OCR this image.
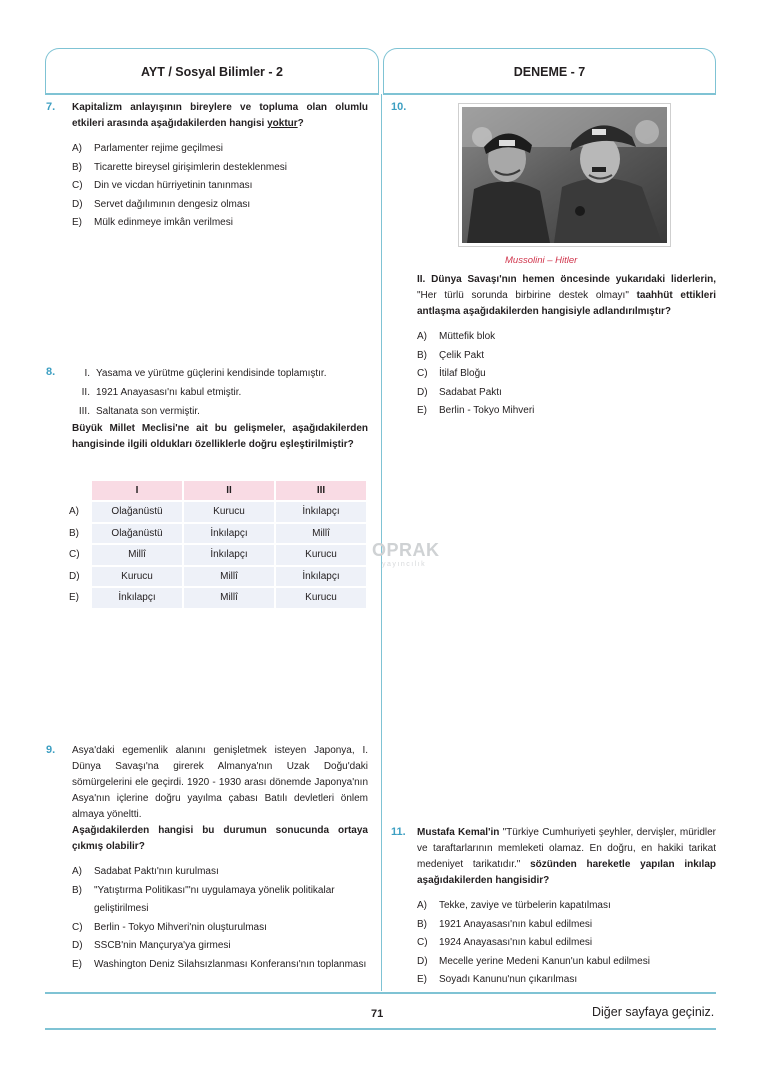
AYT / Sosyal Bilimler - 2	DENEME - 7
7. Kapitalizm anlayışının bireylere ve topluma olan olumlu etkileri arasında aşağıdakilerden hangisi yoktur?
A)	Parlamenter rejime geçilmesi
B)	Ticarette bireysel girişimlerin desteklenmesi
C)	Din ve vicdan hürriyetinin tanınması
D)	Servet dağılımının dengesiz olması
E)	Mülk edinmeye imkân verilmesi
8.	I. Yasama ve yürütme güçlerini kendisinde toplamıştır.
II. 1921 Anayasası'nı kabul etmiştir.
III. Saltanata son vermiştir.
Büyük Millet Meclisi'ne ait bu gelişmeler, aşağıdakilerden hangisinde ilgili oldukları özelliklerle doğru eşleştirilmiştir?
	I	II	III
A)	Olağanüstü	Kurucu	İnkılapçı
B)	Olağanüstü	İnkılapçı	Millî
C)	Millî	İnkılapçı	Kurucu
D)	Kurucu	Millî	İnkılapçı
E)	İnkılapçı	Millî	Kurucu
OPRAK
yayıncılık
9. Asya'daki egemenlik alanını genişletmek isteyen Japonya, I. Dünya Savaşı'na girerek Almanya'nın Uzak Doğu'daki sömürgelerini ele geçirdi. 1920 - 1930 arası dönemde Japonya'nın Asya'nın içlerine doğru yayılma çabası Batılı devletleri önlem almaya yöneltti.
Aşağıdakilerden hangisi bu durumun sonucunda ortaya çıkmış olabilir?
A)	Sadabat Paktı'nın kurulması
B)	"Yatıştırma Politikası"'nı uygulamaya yönelik politikalar geliştirilmesi
C)	Berlin - Tokyo Mihveri'nin oluşturulması
D)	SSCB'nin Mançurya'ya girmesi
E)	Washington Deniz Silahsızlanması Konferansı'nın toplanması
10.
Mussolini – Hitler
II. Dünya Savaşı'nın hemen öncesinde yukarıdaki liderlerin, "Her türlü sorunda birbirine destek olmayı" taahhüt ettikleri antlaşma aşağıdakilerden hangisiyle adlandırılmıştır?
A)	Müttefik blok
B)	Çelik Pakt
C)	İtilaf Bloğu
D)	Sadabat Paktı
E)	Berlin - Tokyo Mihveri
11. Mustafa Kemal'in "Türkiye Cumhuriyeti şeyhler, dervişler, müridler ve taraftarlarının memleketi olamaz. En doğru, en hakiki tarikat medeniyet tarikatıdır." sözünden hareketle yapılan inkılap aşağıdakilerden hangisidir?
A)	Tekke, zaviye ve türbelerin kapatılması
B)	1921 Anayasası'nın kabul edilmesi
C)	1924 Anayasası'nın kabul edilmesi
D)	Mecelle yerine Medeni Kanun'un kabul edilmesi
E)	Soyadı Kanunu'nun çıkarılması
71	Diğer sayfaya geçiniz.
